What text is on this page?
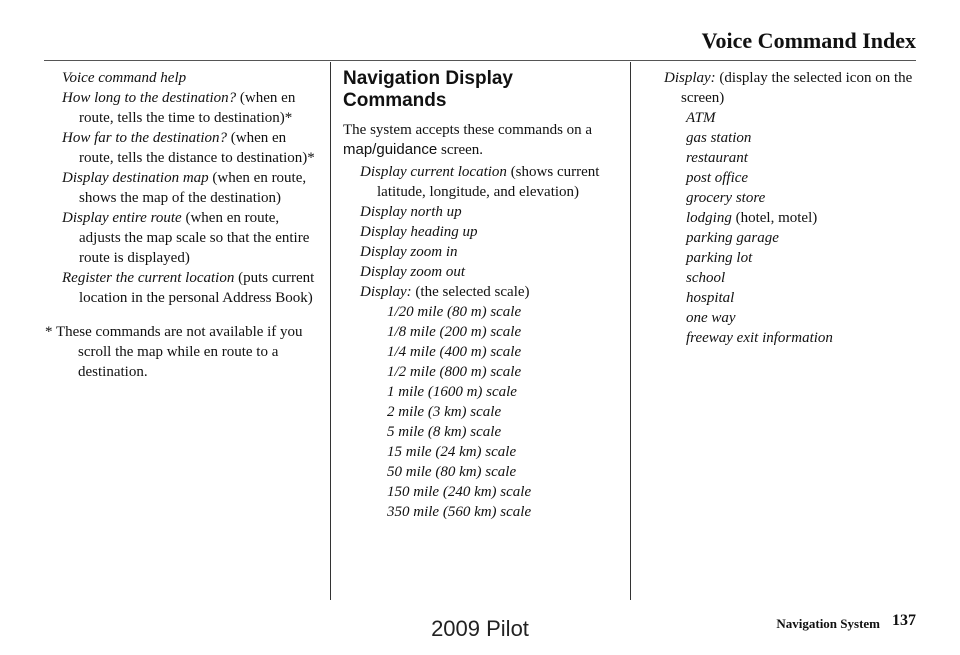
Voice Command Index

Voice command help

How long to the destination? (when en route, tells the time to destination)*

How far to the destination? (when en route, tells the distance to destination)*

Display destination map (when en route, shows the map of the destination)

Display entire route (when en route, adjusts the map scale so that the entire route is displayed)

Register the current location (puts current location in the personal Address Book)

* These commands are not available if you scroll the map while en route to a destination.

Navigation Display Commands

The system accepts these commands on a map/guidance screen.

Display current location (shows current latitude, longitude, and elevation)

Display north up

Display heading up

Display zoom in

Display zoom out

Display: (the selected scale)

1/20 mile (80 m) scale

1/8 mile (200 m) scale

1/4 mile (400 m) scale

1/2 mile (800 m) scale

1 mile (1600 m) scale

2 mile (3 km) scale

5 mile (8 km) scale

15 mile (24 km) scale

50 mile (80 km) scale

150 mile (240 km) scale

350 mile (560 km) scale

Display: (display the selected icon on the screen)

ATM

gas station

restaurant

post office

grocery store

lodging (hotel, motel)

parking garage

parking lot

school

hospital

one way

freeway exit information

Navigation System 137
2009 Pilot
